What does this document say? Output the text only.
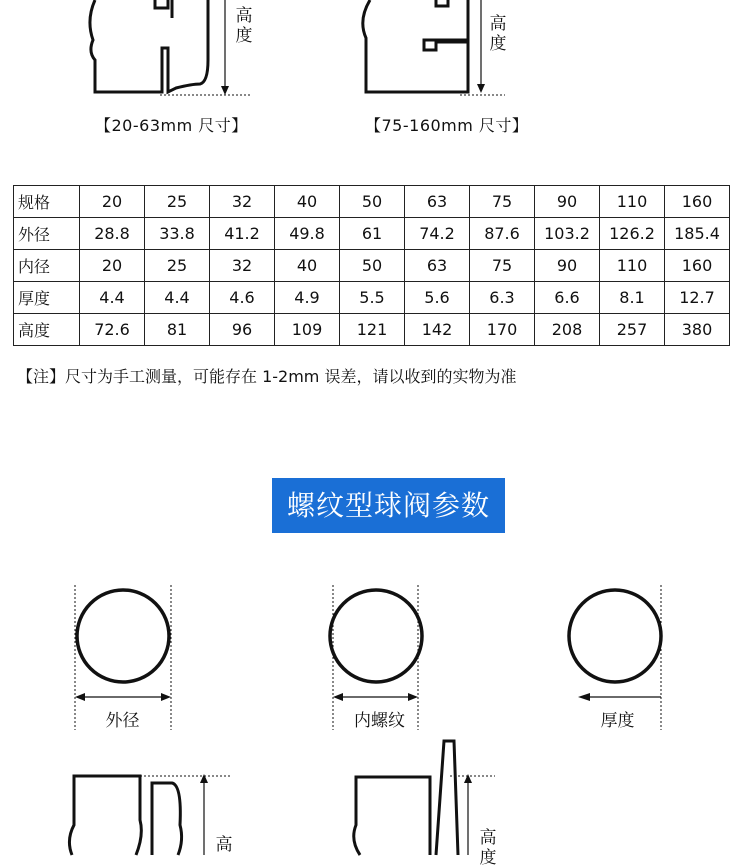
高度
【20-63mm 尺寸】
高度
【75-160mm 尺寸】
规格	20	25	32	40	50	63	75	90	110	160
外径	28.8	33.8	41.2	49.8	61	74.2	87.6	103.2	126.2	185.4
内径	20	25	32	40	50	63	75	90	110	160
厚度	4.4	4.4	4.6	4.9	5.5	5.6	6.3	6.6	8.1	12.7
高度	72.6	81	96	109	121	142	170	208	257	380
【注】尺寸为手工测量，可能存在 1-2mm 误差，请以收到的实物为准
螺纹型球阀参数
外径	内螺纹	厚度
高	高度
